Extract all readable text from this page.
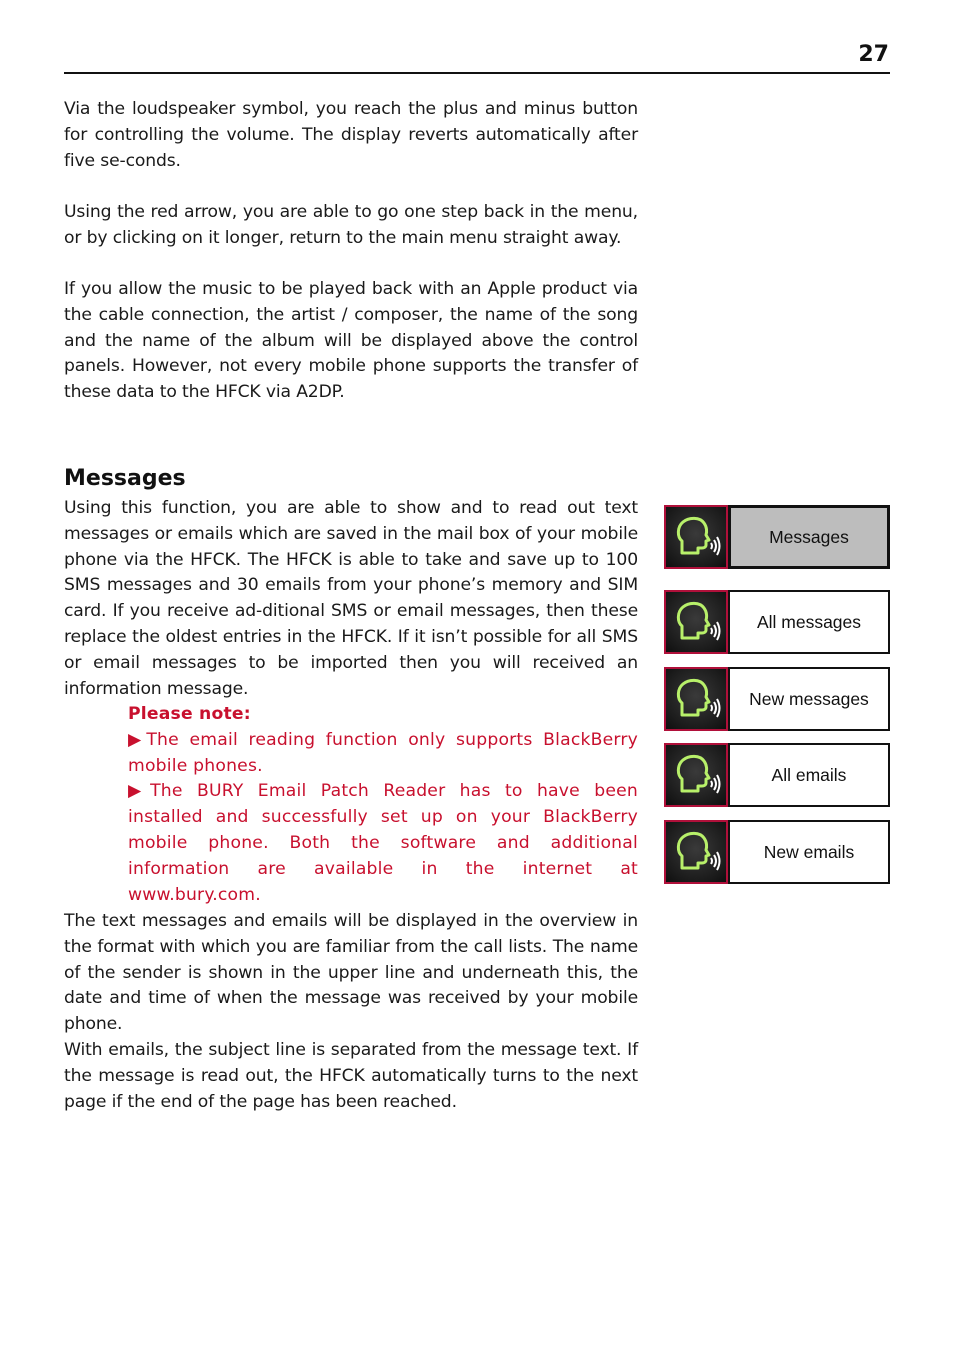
27

Via the loudspeaker symbol, you reach the plus and minus button for controlling the volume. The display reverts automatically after five se-conds.

Using the red arrow, you are able to go one step back in the menu, or by clicking on it longer, return to the main menu straight away.

If you allow the music to be played back with an Apple product via the cable connection, the artist / composer, the name of the song and the name of the album will be displayed above the control panels. However, not every mobile phone supports the transfer of these data to the HFCK via A2DP.

Messages

Using this function, you are able to show and to read out text messages or emails which are saved in the mail box of your mobile phone via the HFCK. The HFCK is able to take and save up to 100 SMS messages and 30 emails from your phone’s memory and SIM card. If you receive ad-ditional SMS or email messages, then these replace the oldest entries in the HFCK. If it isn’t possible for all SMS or email messages to be imported then you will received an information message.

Please note:

▶The email reading function only supports BlackBerry mobile phones.

▶The BURY Email Patch Reader has to have been installed and successfully set up on your BlackBerry mobile phone. Both the software and additional information are available in the internet at www.bury.com.

The text messages and emails will be displayed in the overview in the format with which you are familiar from the call lists. The name of the sender is shown in the upper line and underneath this, the date and time of when the message was received by your mobile phone.

With emails, the subject line is separated from the message text. If the message is read out, the HFCK automatically turns to the next page if the end of the page has been reached.

Messages
All messages
New messages
All emails
New emails
